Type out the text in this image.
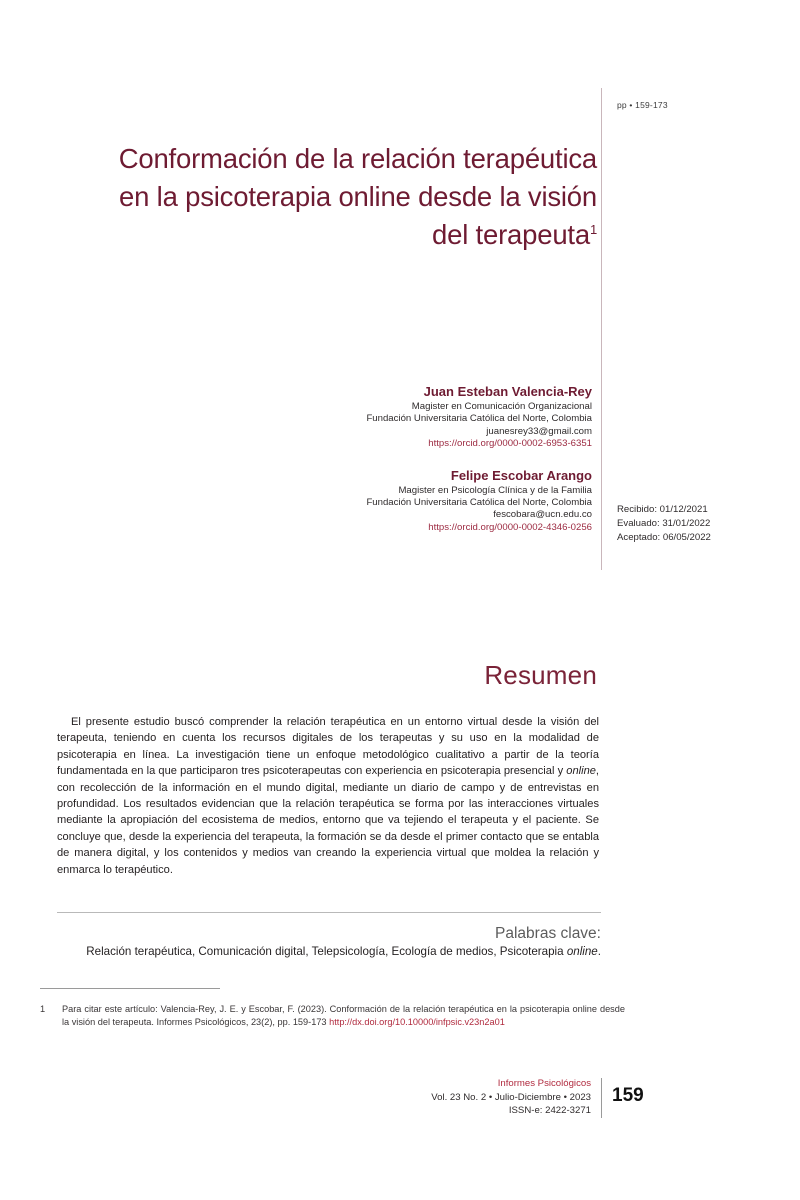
pp • 159-173
Conformación de la relación terapéutica
en la psicoterapia online desde la visión
del terapeuta$^1$
Juan Esteban Valencia-Rey
Magister en Comunicación Organizacional
Fundación Universitaria Católica del Norte, Colombia
juanesrey33@gmail.com
https://orcid.org/0000-0002-6953-6351
Felipe Escobar Arango
Magister en Psicología Clínica y de la Familia
Fundación Universitaria Católica del Norte, Colombia
fescobara@ucn.edu.co
https://orcid.org/0000-0002-4346-0256
Recibido: 01/12/2021
Evaluado: 31/01/2022
Aceptado: 06/05/2022
Resumen
El presente estudio buscó comprender la relación terapéutica en un entorno virtual desde la visión del terapeuta, teniendo en cuenta los recursos digitales de los terapeutas y su uso en la modalidad de psicoterapia en línea. La investigación tiene un enfoque metodológico cualitativo a partir de la teoría fundamentada en la que participaron tres psicoterapeutas con experiencia en psicoterapia presencial y online, con recolección de la información en el mundo digital, mediante un diario de campo y de entrevistas en profundidad. Los resultados evidencian que la relación terapéutica se forma por las interacciones virtuales mediante la apropiación del ecosistema de medios, entorno que va tejiendo el terapeuta y el paciente. Se concluye que, desde la experiencia del terapeuta, la formación se da desde el primer contacto que se entabla de manera digital, y los contenidos y medios van creando la experiencia virtual que moldea la relación y enmarca lo terapéutico.
Palabras clave:
Relación terapéutica, Comunicación digital, Telepsicología, Ecología de medios, Psicoterapia online.
1	Para citar este artículo: Valencia-Rey, J. E. y Escobar, F. (2023). Conformación de la relación terapéutica en la psicoterapia online desde la visión del terapeuta. Informes Psicológicos, 23(2), pp. 159-173 http://dx.doi.org/10.10000/infpsic.v23n2a01
Informes Psicológicos
Vol. 23 No. 2 • Julio-Diciembre • 2023
ISSN-e: 2422-3271
159
